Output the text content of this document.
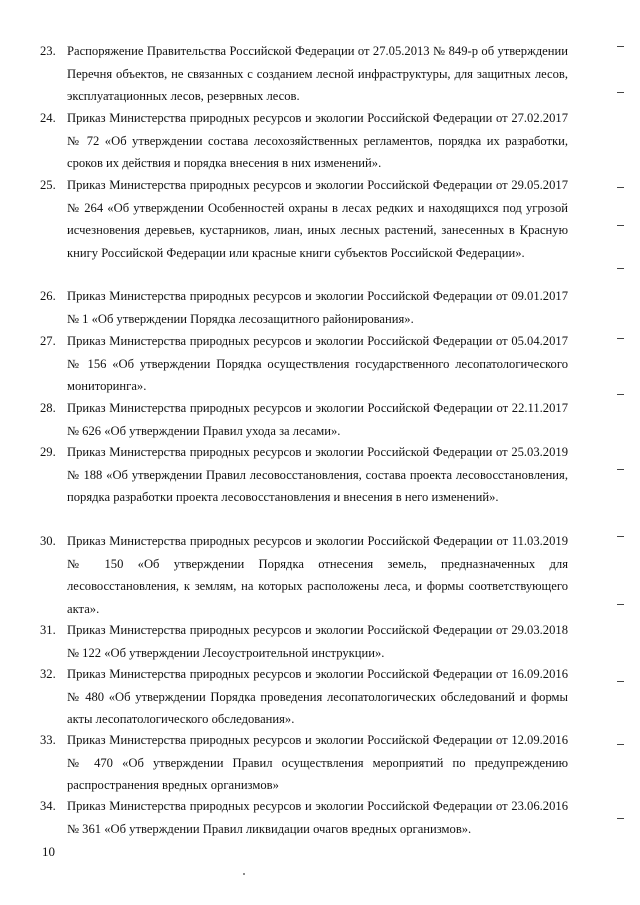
23. Распоряжение Правительства Российской Федерации от 27.05.2013 № 849-р об утверждении Перечня объектов, не связанных с созданием лесной инфраструктуры, для защитных лесов, эксплуатационных лесов, резервных лесов.
24. Приказ Министерства природных ресурсов и экологии Российской Федерации от 27.02.2017 № 72 «Об утверждении состава лесохозяйственных регламентов, порядка их разработки, сроков их действия и порядка внесения в них изменений».
25. Приказ Министерства природных ресурсов и экологии Российской Федерации от 29.05.2017 № 264 «Об утверждении Особенностей охраны в лесах редких и находящихся под угрозой исчезновения деревьев, кустарников, лиан, иных лесных растений, занесенных в Красную книгу Российской Федерации или красные книги субъектов Российской Федерации».
26. Приказ Министерства природных ресурсов и экологии Российской Федерации от 09.01.2017 № 1 «Об утверждении Порядка лесозащитного районирования».
27. Приказ Министерства природных ресурсов и экологии Российской Федерации от 05.04.2017 № 156 «Об утверждении Порядка осуществления государственного лесопатологического мониторинга».
28. Приказ Министерства природных ресурсов и экологии Российской Федерации от 22.11.2017 № 626 «Об утверждении Правил ухода за лесами».
29. Приказ Министерства природных ресурсов и экологии Российской Федерации от 25.03.2019 № 188 «Об утверждении Правил лесовосстановления, состава проекта лесовосстановления, порядка разработки проекта лесовосстановления и внесения в него изменений».
30. Приказ Министерства природных ресурсов и экологии Российской Федерации от 11.03.2019 № 150 «Об утверждении Порядка отнесения земель, предназначенных для лесовосстановления, к землям, на которых расположены леса, и формы соответствующего акта».
31. Приказ Министерства природных ресурсов и экологии Российской Федерации от 29.03.2018 № 122 «Об утверждении Лесоустроительной инструкции».
32. Приказ Министерства природных ресурсов и экологии Российской Федерации от 16.09.2016 № 480 «Об утверждении Порядка проведения лесопатологических обследований и формы акты лесопатологического обследования».
33. Приказ Министерства природных ресурсов и экологии Российской Федерации от 12.09.2016 № 470 «Об утверждении Правил осуществления мероприятий по предупреждению распространения вредных организмов»
34. Приказ Министерства природных ресурсов и экологии Российской Федерации от 23.06.2016 № 361 «Об утверждении Правил ликвидации очагов вредных организмов».
10
